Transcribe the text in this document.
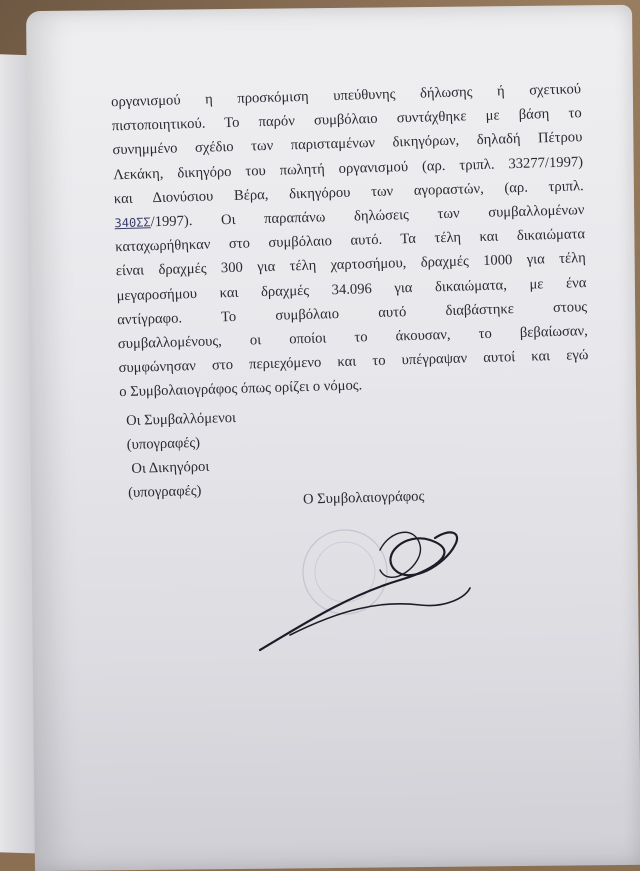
οργανισμού η προσκόμιση υπεύθυνης δήλωσης ή σχετικού
πιστοποιητικού. Το παρόν συμβόλαιο συντάχθηκε με βάση το
συνημμένο σχέδιο των παρισταμένων δικηγόρων, δηλαδή Πέτρου
Λεκάκη, δικηγόρο του πωλητή οργανισμού (αρ. τριπλ. 33277/1997)
και Διονύσιου Βέρα, δικηγόρου των αγοραστών, (αρ. τριπλ.
340ΣΣ/1997). Οι παραπάνω δηλώσεις των συμβαλλομένων
καταχωρήθηκαν στο συμβόλαιο αυτό. Τα τέλη και δικαιώματα
είναι δραχμές 300 για τέλη χαρτοσήμου, δραχμές 1000 για τέλη
μεγαροσήμου και δραχμές 34.096 για δικαιώματα, με ένα
αντίγραφο. Το συμβόλαιο αυτό διαβάστηκε στους
συμβαλλομένους, οι οποίοι το άκουσαν, το βεβαίωσαν,
συμφώνησαν στο περιεχόμενο και το υπέγραψαν αυτοί και εγώ
ο Συμβολαιογράφος όπως ορίζει ο νόμος.
Οι Συμβαλλόμενοι
(υπογραφές)
Οι Δικηγόροι
(υπογραφές)	Ο Συμβολαιογράφος
